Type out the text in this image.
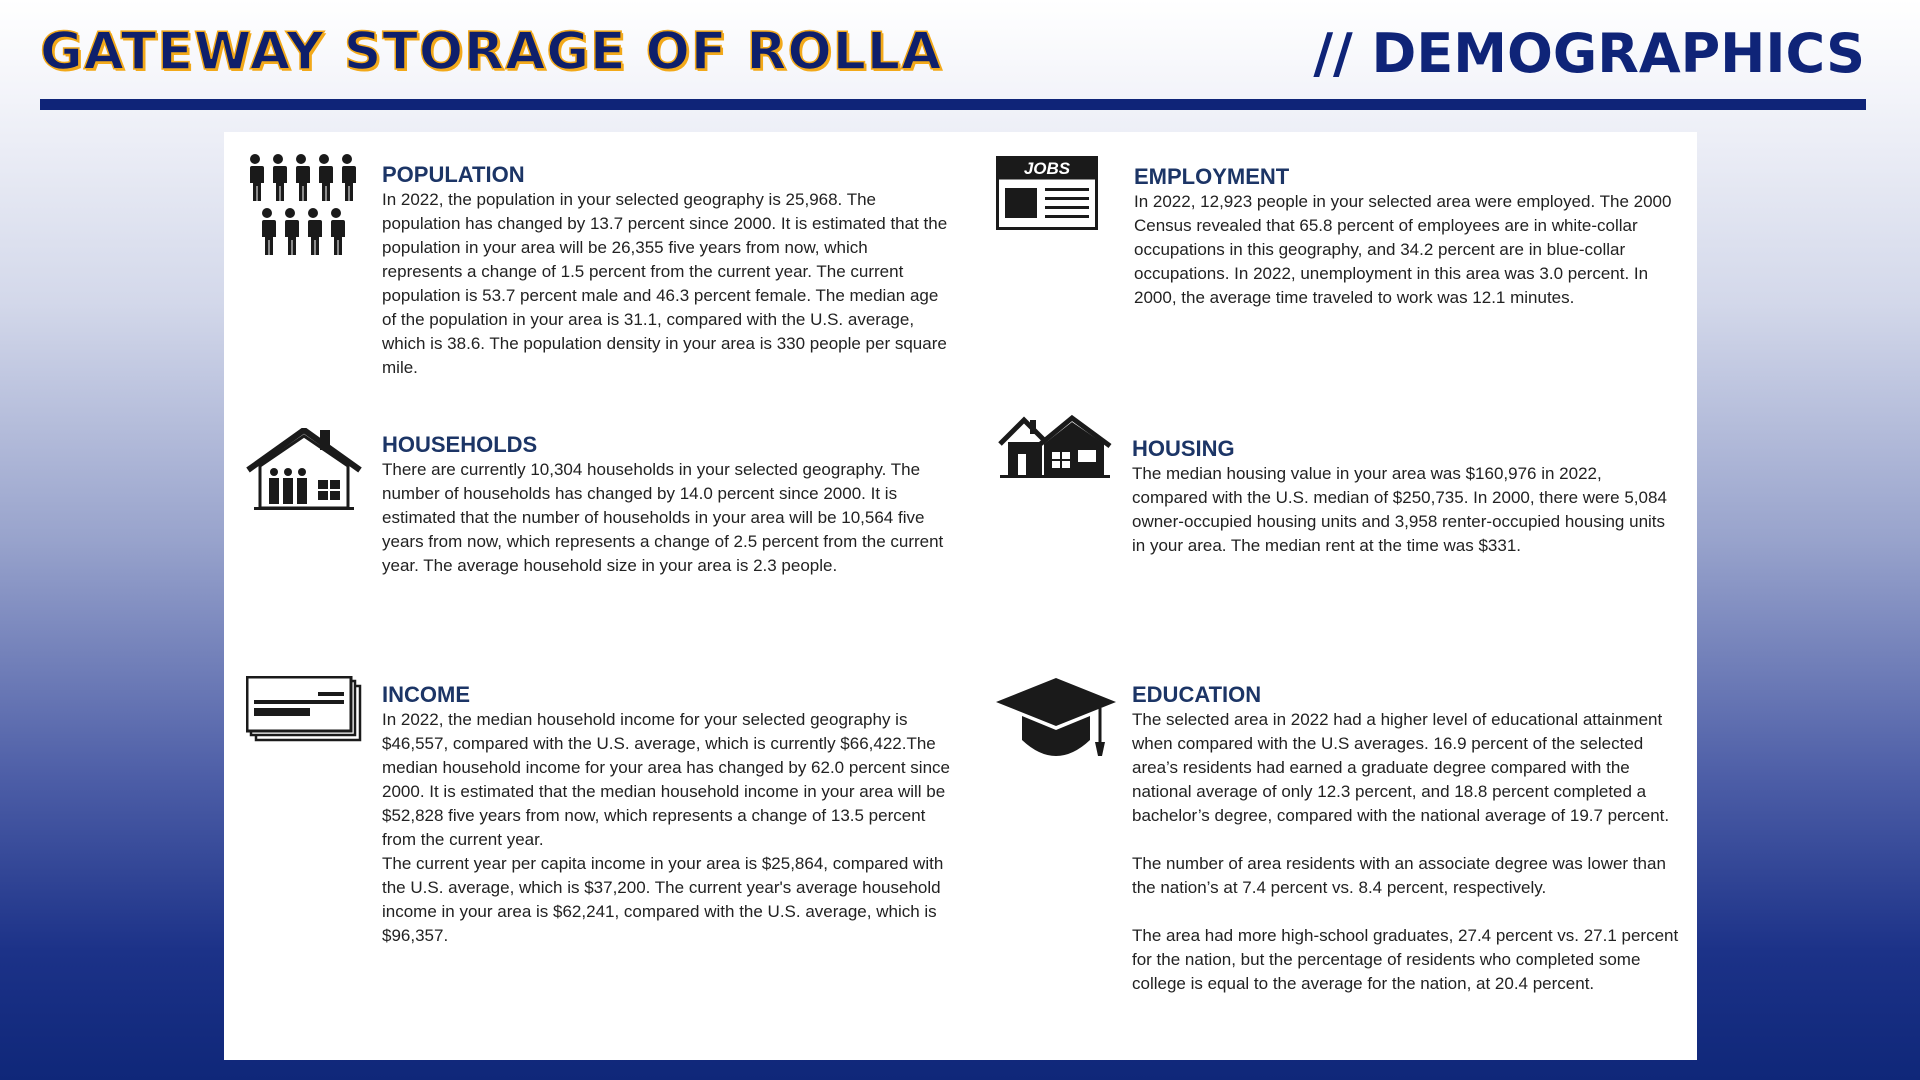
GATEWAY STORAGE OF ROLLA	// DEMOGRAPHICS
POPULATION

In 2022, the population in your selected geography is 25,968. The population has changed by 13.7 percent since 2000. It is estimated that the population in your area will be 26,355 five years from now, which represents a change of 1.5 percent from the current year. The current population is 53.7 percent male and 46.3 percent female. The median age of the population in your area is 31.1, compared with the U.S. average, which is 38.6. The population density in your area is 330 people per square mile.

JOBS	EMPLOYMENT

In 2022, 12,923 people in your selected area were employed. The 2000 Census revealed that 65.8 percent of employees are in white-collar occupations in this geography, and 34.2 percent are in blue-collar occupations. In 2022, unemployment in this area was 3.0 percent. In 2000, the average time traveled to work was 12.1 minutes.

HOUSEHOLDS

There are currently 10,304 households in your selected geography. The number of households has changed by 14.0 percent since 2000. It is estimated that the number of households in your area will be 10,564 five years from now, which represents a change of 2.5 percent from the current year. The average household size in your area is 2.3 people.

HOUSING

The median housing value in your area was $160,976 in 2022, compared with the U.S. median of $250,735. In 2000, there were 5,084 owner-occupied housing units and 3,958 renter-occupied housing units in your area. The median rent at the time was $331.

INCOME

In 2022, the median household income for your selected geography is $46,557, compared with the U.S. average, which is currently $66,422.The median household income for your area has changed by 62.0 percent since 2000. It is estimated that the median household income in your area will be $52,828 five years from now, which represents a change of 13.5 percent from the current year.

The current year per capita income in your area is $25,864, compared with the U.S. average, which is $37,200. The current year's average household income in your area is $62,241, compared with the U.S. average, which is $96,357.

EDUCATION

The selected area in 2022 had a higher level of educational attainment when compared with the U.S averages. 16.9 percent of the selected area’s residents had earned a graduate degree compared with the national average of only 12.3 percent, and 18.8 percent completed a bachelor’s degree, compared with the national average of 19.7 percent.

The number of area residents with an associate degree was lower than the nation’s at 7.4 percent vs. 8.4 percent, respectively.

The area had more high-school graduates, 27.4 percent vs. 27.1 percent for the nation, but the percentage of residents who completed some college is equal to the average for the nation, at 20.4 percent.
